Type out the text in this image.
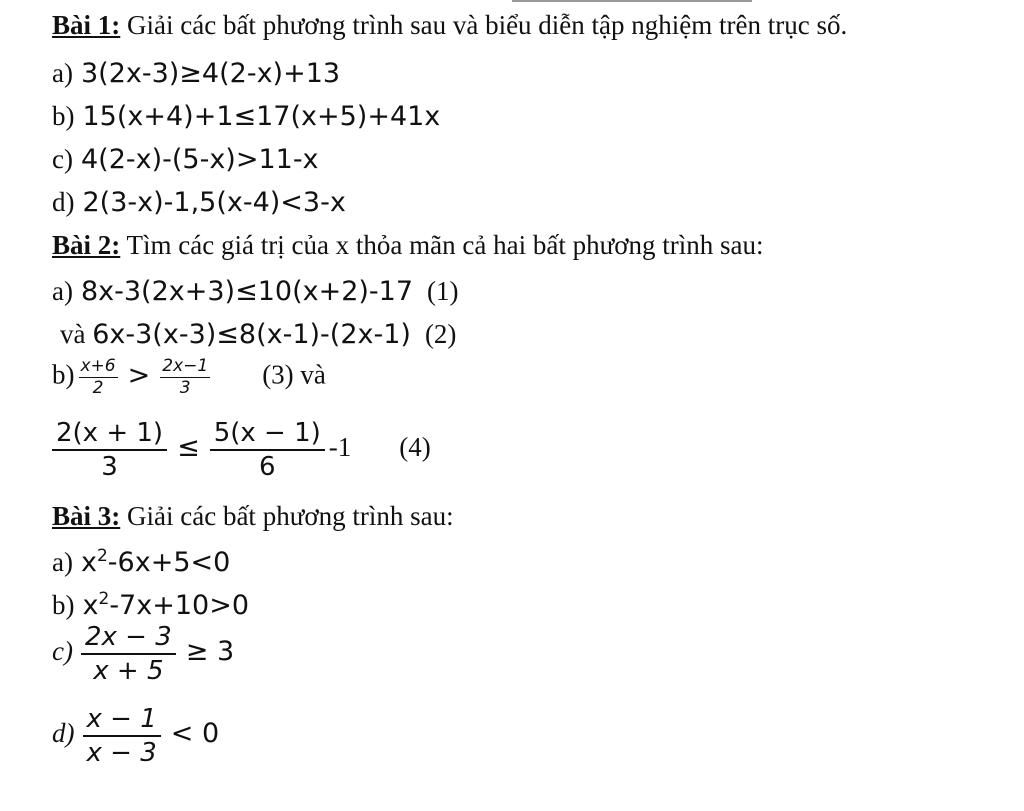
Bài 1: Giải các bất phương trình sau và biểu diễn tập nghiệm trên trục số.
a) 3(2x-3)≥4(2-x)+13
b) 15(x+4)+1≤17(x+5)+41x
c) 4(2-x)-(5-x)>11-x
d) 2(3-x)-1,5(x-4)<3-x
Bài 2: Tìm các giá trị của x thỏa mãn cả hai bất phương trình sau:
a) 8x-3(2x+3)≤10(x+2)-17 (1)
và 6x-3(x-3)≤8(x-1)-(2x-1) (2)
$b) \frac{x+6}{2} > \frac{2x-1}{3} (3)$ và
$\frac{2(x + 1)}{3} \le \frac{5(x - 1)}{6} -1$ (4)
Bài 3: Giải các bất phương trình sau:
a) $x^2-6x+5<0$
b) $x^2-7x+10>0$
$c) \frac{2x - 3}{x + 5} \ge 3$
$d) \frac{x - 1}{x - 3} < 0$
